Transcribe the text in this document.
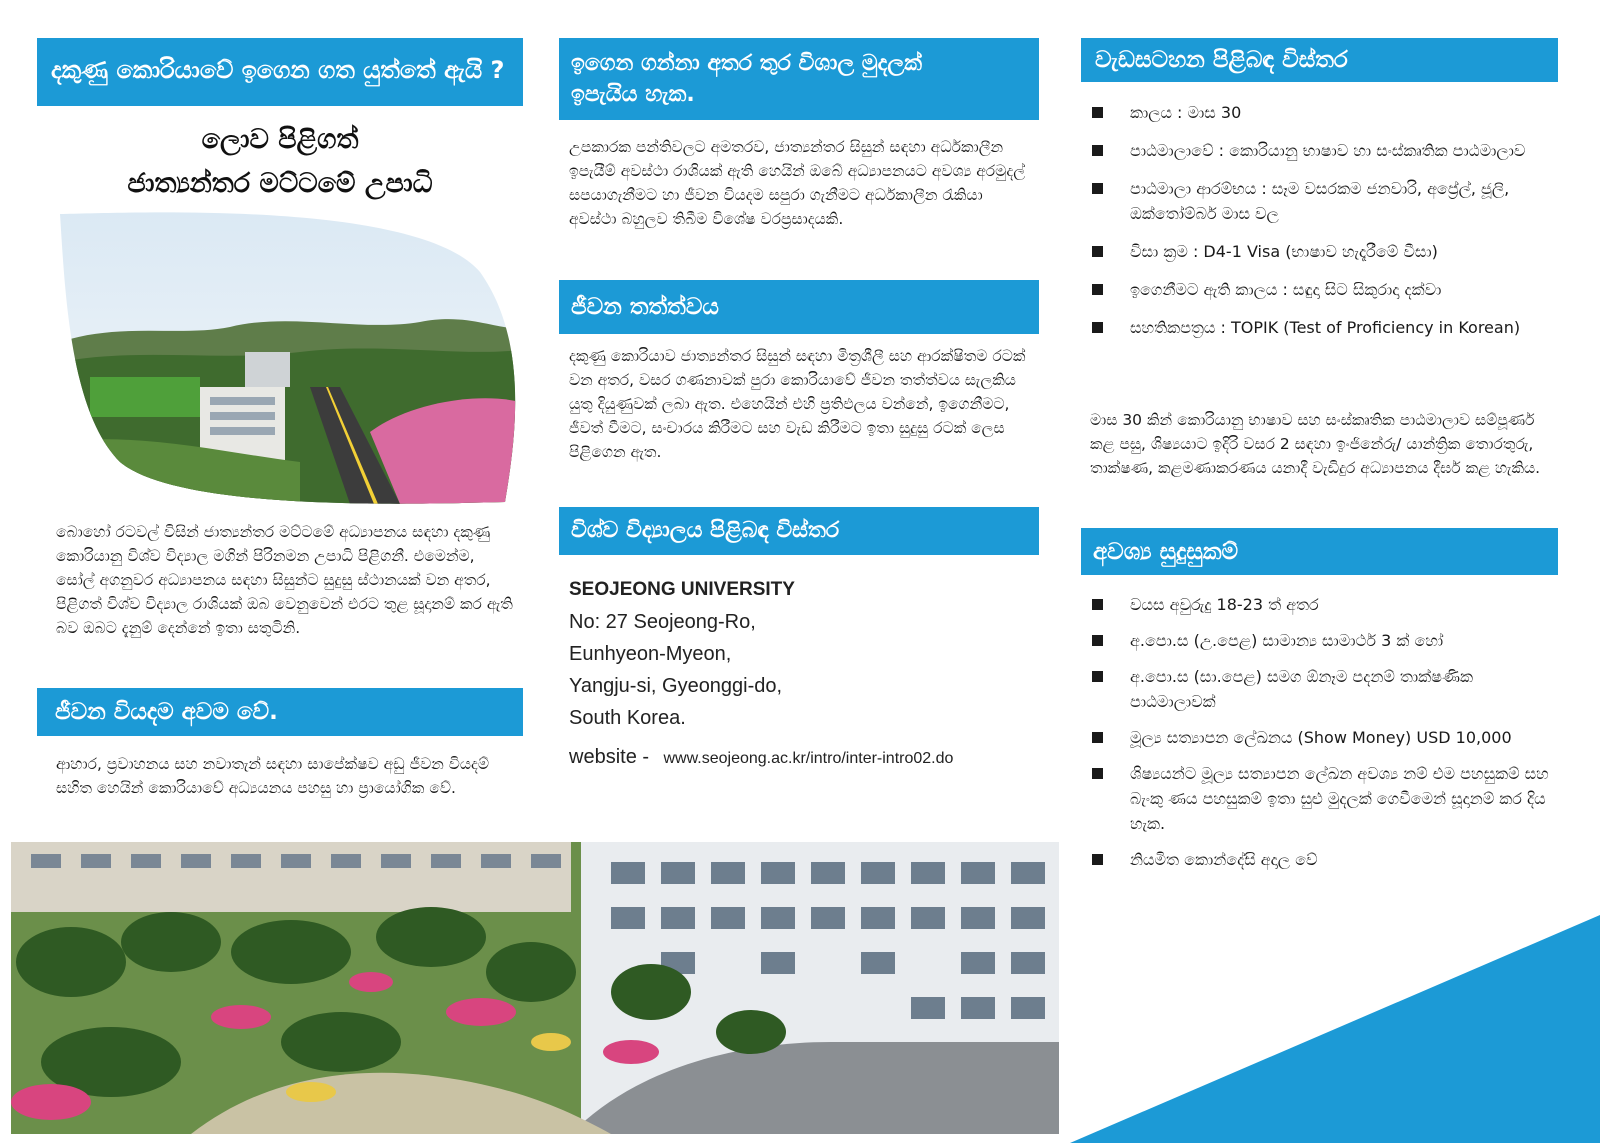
දකුණු කොරියාවේ ඉගෙන ගත යුත්තේ ඇයි ?
ලොව පිළිගත්
ජාත්‍යන්තර මට්ටමේ උපාධි
බොහෝ රටවල් විසින් ජාත්‍යන්තර මට්ටමේ අධ්‍යාපනය සඳහා දකුණු කොරියානු විශ්ව විද්‍යාල මගින් පිරිනමන උපාධි පිළිගනී. එමෙන්ම, සෝල් අගනුවර අධ්‍යාපනය සඳහා සිසුන්ට සුදුසු ස්ථානයක් වන අතර, පිළිගත් විශ්ව විද්‍යාල රාශියක් ඔබ වෙනුවෙන් එරට තුළ සූදානම් කර ඇති බව ඔබට දැනුම් දෙන්නේ ඉතා සතුටිනි.
ජීවන වියදම අවම වේ.
ආහාර, ප්‍රවාහනය සහ නවාතැන් සඳහා සාපේක්ෂව අඩු ජීවන වියදම් සහිත හෙයින් කොරියාවේ අධ්‍යයනය පහසු හා ප්‍රායෝගික වේ.
ඉගෙන ගන්නා අතර තුර විශාල මුදලක්
ඉපැයිය හැක.
උපකාරක පන්තිවලට අමතරව, ජාත්‍යන්තර සිසුන් සඳහා අර්ධකාලීන ඉපැයීම් අවස්ථා රාශියක් ඇති හෙයින් ඔබේ අධ්‍යාපනයට අවශ්‍ය අරමුදල් සපයාගැනීමට හා ජීවන වියදම සපුරා ගැනීමට අර්ධකාලීන රැකියා අවස්ථා බහුලව තිබීම විශේෂ වරප්‍රසාදයකි.
ජීවන තත්ත්වය
දකුණු කොරියාව ජාත්‍යන්තර සිසුන් සඳහා මිත්‍රශීලී සහ ආරක්ෂිතම රටක් වන අතර, වසර ගණනාවක් පුරා කොරියාවේ ජීවන තත්ත්වය සැලකිය යුතු දියුණුවක් ලබා ඇත. එහෙයින් එහි ප්‍රතිඵලය වන්නේ, ඉගෙනීමට, ජීවත් වීමට, සංචාරය කිරීමට සහ වැඩ කිරීමට ඉතා සුදුසු රටක් ලෙස පිළිගෙන ඇත.
විශ්ව විද්‍යාලය පිළිබඳ විස්තර
SEOJEONG UNIVERSITY
No: 27 Seojeong-Ro,
Eunhyeon-Myeon,
Yangju-si, Gyeonggi-do,
South Korea.
website - www.seojeong.ac.kr/intro/inter-intro02.do
වැඩසටහන පිළිබඳ විස්තර
කාලය : මාස 30
පාඨමාලාවේ : කොරියානු භාෂාව හා සංස්කෘතික පාඨමාලාව
පාඨමාලා ආරම්භය : සෑම වසරකම ජනවාරි, අප්‍රේල්, ජූලි, ඔක්තෝම්බර් මාස වල
විසා ක්‍රම : D4-1 Visa (භාෂාව හැදෑරීමේ වීසා)
ඉගෙනීමට ඇති කාලය : සඳුදා සිට සිකුරාදා දක්වා
සහතිකපත්‍රය : TOPIK (Test of Proficiency in Korean)
මාස 30 කින් කොරියානු භාෂාව සහ සංස්කෘතික පාඨමාලාව සම්පූර්ණ කළ පසු, ශිෂ්‍යයාට ඉදිරි වසර 2 සඳහා ඉංජිනේරු/ යාන්ත්‍රික තොරතුරු, තාක්ෂණ, කළමණාකරණය යනාදී වැඩිදුර අධ්‍යාපනය දීර්ඝ කළ හැකිය.
අවශ්‍ය සුදුසුකම්
වයස අවුරුදු 18-23 ත් අතර
අ.පො.ස (උ.පෙළ) සාමාන්‍ය සාමාර්ථ 3 ක් හෝ
අ.පො.ස (සා.පෙළ) සමග ඕනෑම පදනම් තාක්ෂණික පාඨමාලාවක්
මූල්‍ය සත්‍යාපන ලේඛනය (Show Money) USD 10,000
ශිෂ්‍යයන්ට මූල්‍ය සත්‍යාපන ලේඛන අවශ්‍ය නම් එම පහසුකම් සහ බැංකු ණය පහසුකම් ඉතා සුළු මුදලක් ගෙවීමෙන් සූදානම් කර දිය හැක.
නියමිත කොන්දේසි අදාල වේ
